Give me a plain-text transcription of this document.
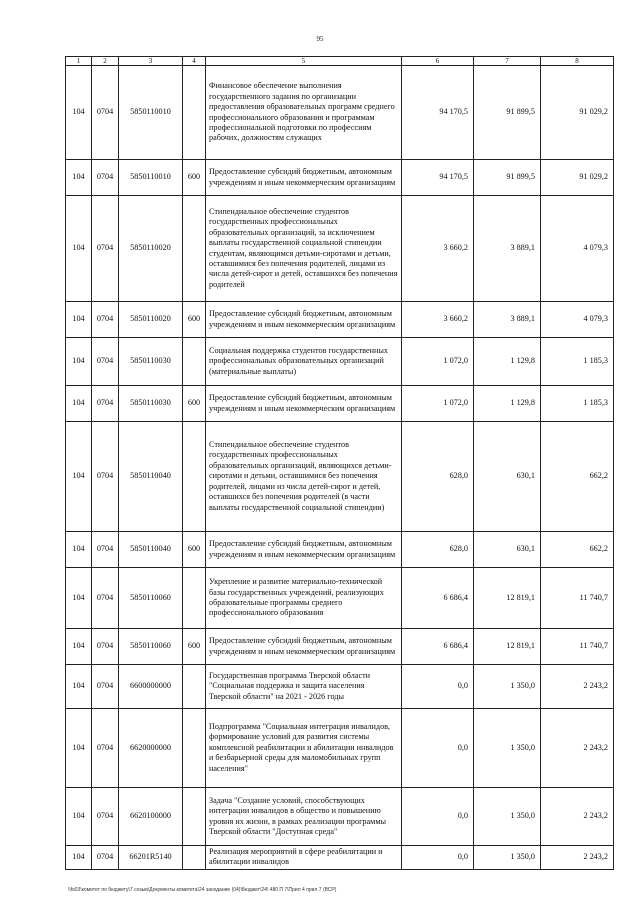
95
1	2	3	4	5	6	7	8
104	0704	5850110010		Финансовое обеспечение выполнения государственного задания по организации предоставления образовательных программ среднего профессионального образования и программам профессиональной подготовки по профессиям рабочих, должностям служащих	94 170,5	91 899,5	91 029,2
104	0704	5850110010	600	Предоставление субсидий бюджетным, автономным учреждениям и иным некоммерческим организациям	94 170,5	91 899,5	91 029,2
104	0704	5850110020		Стипендиальное обеспечение студентов государственных профессиональных образовательных организаций, за исключением выплаты государственной социальной стипендии студентам, являющимся детьми-сиротами и детьми, оставшимися без попечения родителей, лицами из числа детей-сирот и детей, оставшихся без попечения родителей	3 660,2	3 889,1	4 079,3
104	0704	5850110020	600	Предоставление субсидий бюджетным, автономным учреждениям и иным некоммерческим организациям	3 660,2	3 889,1	4 079,3
104	0704	5850110030		Социальная поддержка студентов государственных профессиональных образовательных организаций (материальные выплаты)	1 072,0	1 129,8	1 185,3
104	0704	5850110030	600	Предоставление субсидий бюджетным, автономным учреждениям и иным некоммерческим организациям	1 072,0	1 129,8	1 185,3
104	0704	5850110040		Стипендиальное обеспечение студентов государственных профессиональных образовательных организаций, являющихся детьми-сиротами и детьми, оставшимися без попечения родителей, лицами из числа детей-сирот и детей, оставшихся без попечения родителей (в части выплаты государственной социальной стипендии)	628,0	630,1	662,2
104	0704	5850110040	600	Предоставление субсидий бюджетным, автономным учреждениям и иным некоммерческим организациям	628,0	630,1	662,2
104	0704	5850110060		Укрепление и развитие материально-технической базы государственных учреждений, реализующих образовательные программы среднего профессионального образования	6 686,4	12 819,1	11 740,7
104	0704	5850110060	600	Предоставление субсидий бюджетным, автономным учреждениям и иным некоммерческим организациям	6 686,4	12 819,1	11 740,7
104	0704	6600000000		Государственная программа Тверской области "Социальная поддержка и защита населения Тверской области" на 2021 - 2026 годы	0,0	1 350,0	2 243,2
104	0704	6620000000		Подпрограмма "Социальная интеграция инвалидов, формирование условий для развития системы комплексной реабилитации и абилитации инвалидов и безбарьерной среды для маломобильных групп населения"	0,0	1 350,0	2 243,2
104	0704	6620100000		Задача "Создание условий, способствующих интеграции инвалидов в общество и повышению уровня их жизни, в рамках реализации программы Тверской области "Доступная среда"	0,0	1 350,0	2 243,2
104	0704	66201R5140		Реализация мероприятий в сфере реабилитации и абилитации инвалидов	0,0	1 350,0	2 243,2
\\fs03\комитет по бюджету\7 созыв\Документы комитета\24 заседание (04)\Бюджет\24\ 480 П 7\Прил 4 прил 7 (ВСР)
